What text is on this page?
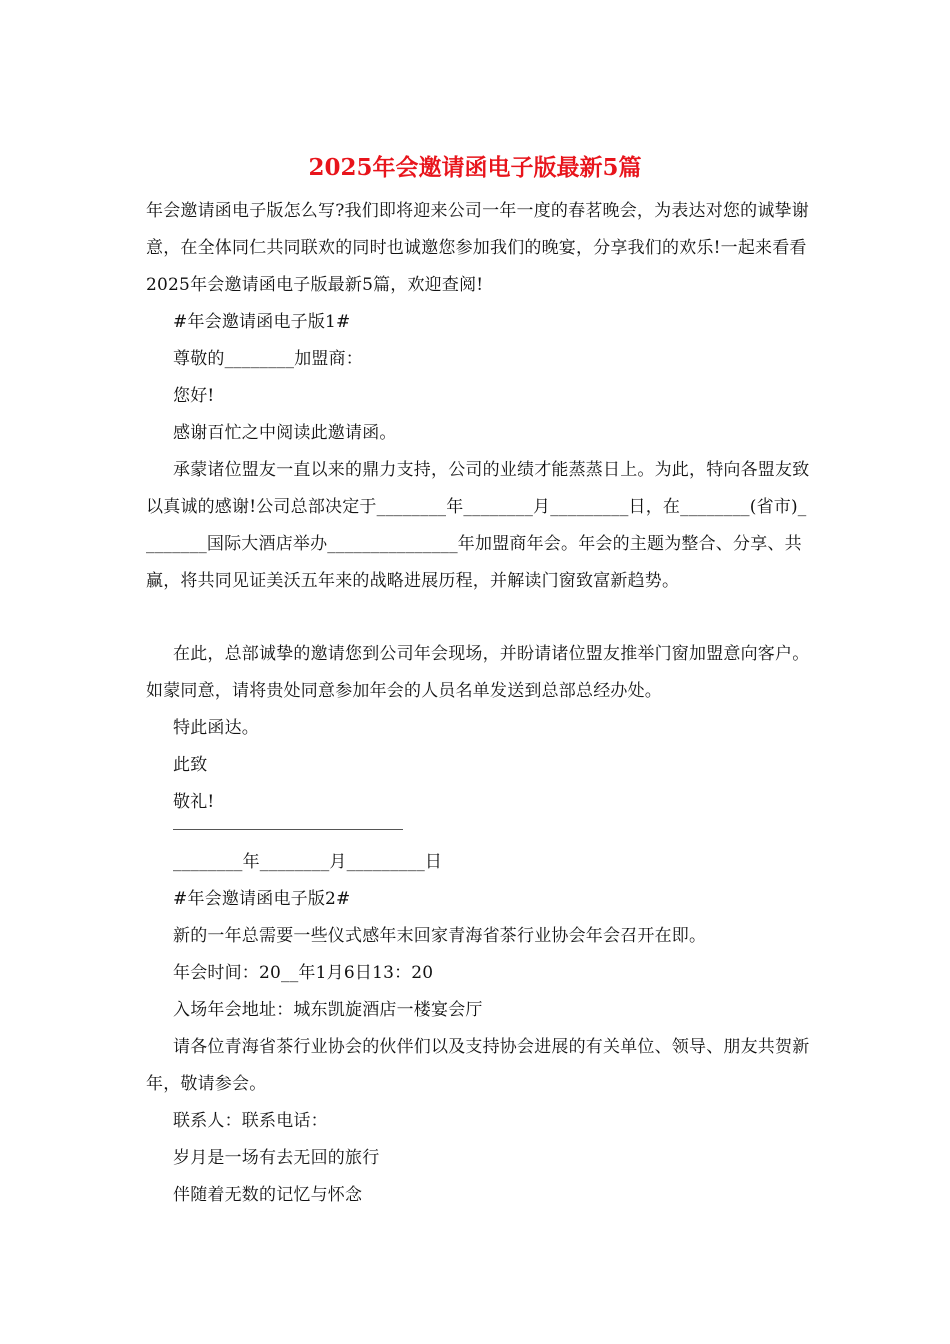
2025年会邀请函电子版最新5篇

年会邀请函电子版怎么写?我们即将迎来公司一年一度的春茗晚会，为表达对您的诚挚谢意，在全体同仁共同联欢的同时也诚邀您参加我们的晚宴，分享我们的欢乐!一起来看看2025年会邀请函电子版最新5篇，欢迎查阅!

#年会邀请函电子版1#

尊敬的________加盟商：

您好!

感谢百忙之中阅读此邀请函。

承蒙诸位盟友一直以来的鼎力支持，公司的业绩才能蒸蒸日上。为此，特向各盟友致以真诚的感谢!公司总部决定于________年________月_________日，在________(省市)________国际大酒店举办_______________年加盟商年会。年会的主题为整合、分享、共赢，将共同见证美沃五年来的战略进展历程，并解读门窗致富新趋势。

在此，总部诚挚的邀请您到公司年会现场，并盼请诸位盟友推举门窗加盟意向客户。如蒙同意，请将贵处同意参加年会的人员名单发送到总部总经办处。

特此函达。

此致

敬礼!

________年________月_________日

#年会邀请函电子版2#

新的一年总需要一些仪式感年末回家青海省茶行业协会年会召开在即。

年会时间：20__年1月6日13：20

入场年会地址：城东凯旋酒店一楼宴会厅

请各位青海省茶行业协会的伙伴们以及支持协会进展的有关单位、领导、朋友共贺新年，敬请参会。

联系人：联系电话：

岁月是一场有去无回的旅行

伴随着无数的记忆与怀念
